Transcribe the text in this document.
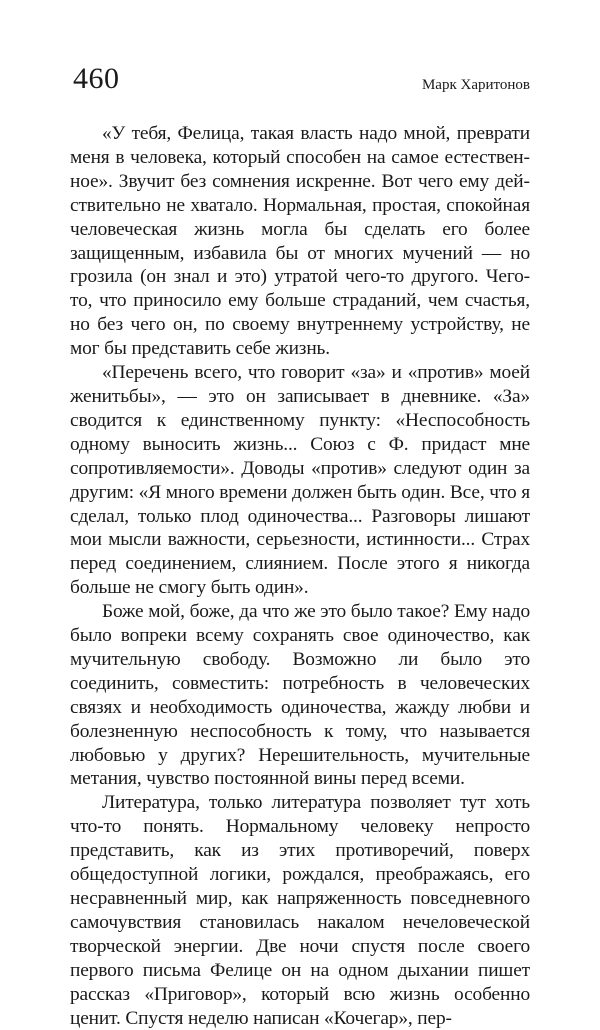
460	Марк Харитонов

«У тебя, Фелица, такая власть надо мной, преврати меня в человека, который способен на самое естественное». Звучит без сомнения искренне. Вот чего ему действительно не хватало. Нормальная, простая, спокойная человеческая жизнь могла бы сделать его более защищенным, избавила бы от многих мучений — но грозила (он знал и это) утратой чего-то другого. Чего-то, что приносило ему больше страданий, чем счастья, но без чего он, по своему внутреннему устройству, не мог бы представить себе жизнь.

«Перечень всего, что говорит «за» и «против» моей женитьбы», — это он записывает в дневнике. «За» сводится к единственному пункту: «Неспособность одному выносить жизнь... Союз с Ф. придаст мне сопротивляемости». Доводы «против» следуют один за другим: «Я много времени должен быть один. Все, что я сделал, только плод одиночества... Разговоры лишают мои мысли важности, серьезности, истинности... Страх перед соединением, слиянием. После этого я никогда больше не смогу быть один».

Боже мой, боже, да что же это было такое? Ему надо было вопреки всему сохранять свое одиночество, как мучительную свободу. Возможно ли было это соединить, совместить: потребность в человеческих связях и необходимость одиночества, жажду любви и болезненную неспособность к тому, что называется любовью у других? Нерешительность, мучительные метания, чувство постоянной вины перед всеми.

Литература, только литература позволяет тут хоть что-то понять. Нормальному человеку непросто представить, как из этих противоречий, поверх общедоступной логики, рождался, преображаясь, его несравненный мир, как напряженность повседневного самочувствия становилась накалом нечеловеческой творческой энергии. Две ночи спустя после своего первого письма Фелице он на одном дыхании пишет рассказ «Приговор», который всю жизнь особенно ценит. Спустя неделю написан «Кочегар», пер-
